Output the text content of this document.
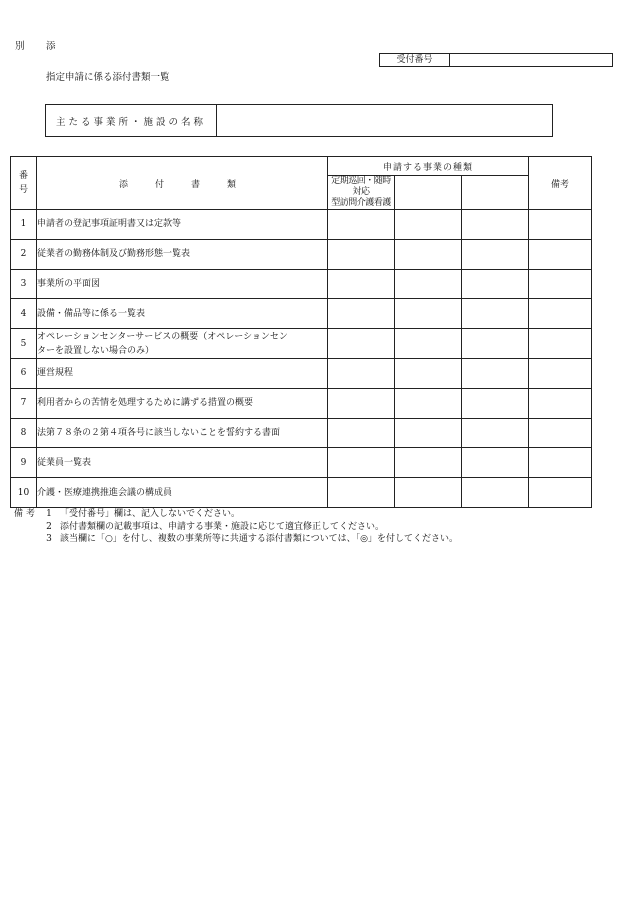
別　添
受付番号
指定申請に係る添付書類一覧
主たる事業所・施設の名称
番
号	添　付　書　類	申請する事業の種類			備考
		定期巡回・随時対応
型訪問介護看護			
1	申請者の登記事項証明書又は定款等				
2	従業者の勤務体制及び勤務形態一覧表				
3	事業所の平面図				
4	設備・備品等に係る一覧表				
5	オペレーションセンターサービスの概要（オペレーションセン
ターを設置しない場合のみ）				
6	運営規程				
7	利用者からの苦情を処理するために講ずる措置の概要				
8	法第７８条の２第４項各号に該当しないことを誓約する書面				
9	従業員一覧表				
10	介護・医療連携推進会議の構成員				
備考 1 「受付番号」欄は、記入しないでください。
2 添付書類欄の記載事項は、申請する事業・施設に応じて適宜修正してください。
3 該当欄に「○」を付し、複数の事業所等に共通する添付書類については、「◎」を付してください。
